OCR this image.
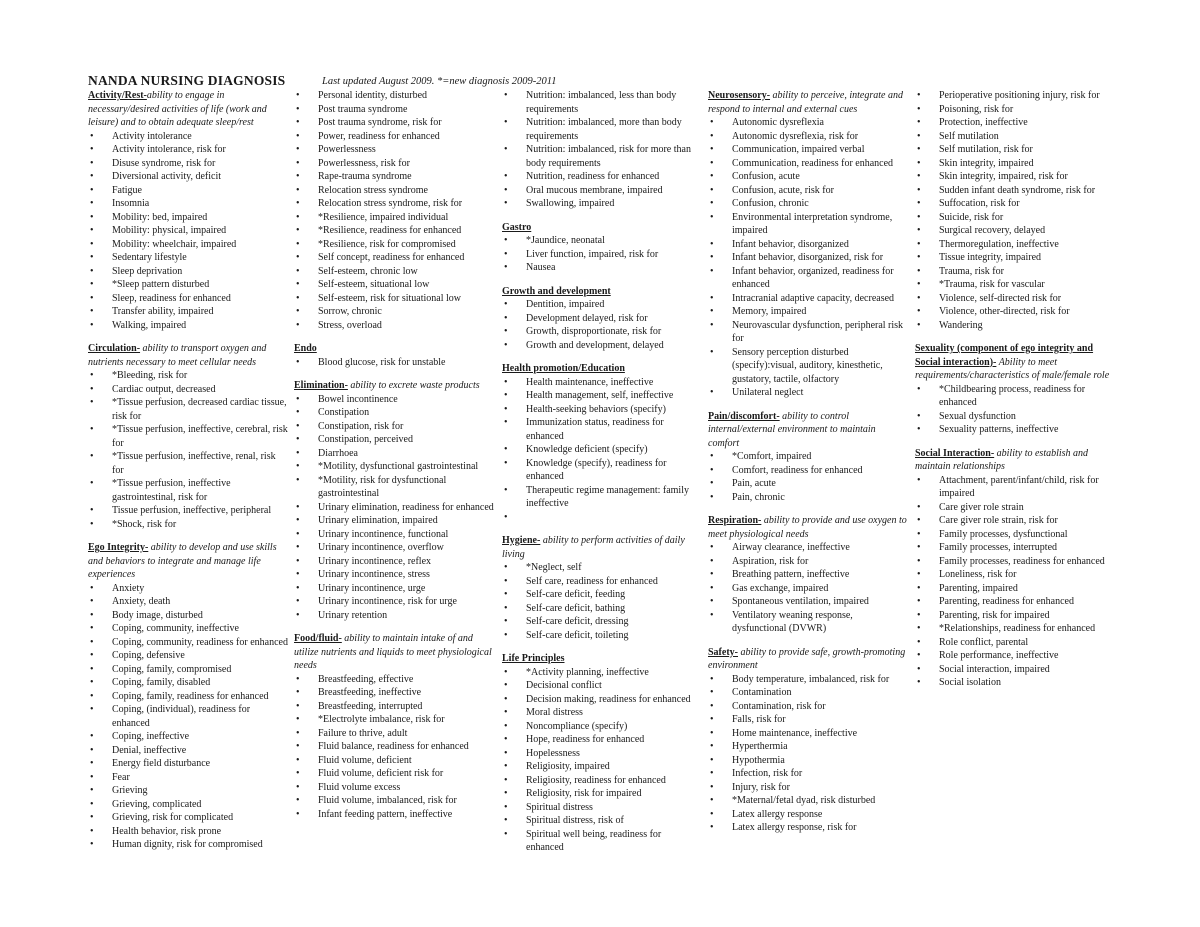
NANDA NURSING DIAGNOSIS	Last updated August 2009. *=new diagnosis 2009-2011
Activity/Rest-ability to engage in necessary/desired activities of life (work and leisure) and to obtain adequate sleep/rest
• Activity intolerance
• Activity intolerance, risk for
• Disuse syndrome, risk for
• Diversional activity, deficit
• Fatigue
• Insomnia
• Mobility: bed, impaired
• Mobility: physical, impaired
• Mobility: wheelchair, impaired
• Sedentary lifestyle
• Sleep deprivation
• *Sleep pattern disturbed
• Sleep, readiness for enhanced
• Transfer ability, impaired
• Walking, impaired
Circulation- ability to transport oxygen and nutrients necessary to meet cellular needs
• *Bleeding, risk for
• Cardiac output, decreased
• *Tissue perfusion, decreased cardiac tissue, risk for
• *Tissue perfusion, ineffective, cerebral, risk for
• *Tissue perfusion, ineffective, renal, risk for
• *Tissue perfusion, ineffective gastrointestinal, risk for
• Tissue perfusion, ineffective, peripheral
• *Shock, risk for
Ego Integrity- ability to develop and use skills and behaviors to integrate and manage life experiences
• Anxiety
• Anxiety, death
• Body image, disturbed
• Coping, community, ineffective
• Coping, community, readiness for enhanced
• Coping, defensive
• Coping, family, compromised
• Coping, family, disabled
• Coping, family, readiness for enhanced
• Coping, (individual), readiness for enhanced
• Coping, ineffective
• Denial, ineffective
• Energy field disturbance
• Fear
• Grieving
• Grieving, complicated
• Grieving, risk for complicated
• Health behavior, risk prone
• Human dignity, risk for compromised
• Personal identity, disturbed
• Post trauma syndrome
• Post trauma syndrome, risk for
• Power, readiness for enhanced
• Powerlessness
• Powerlessness, risk for
• Rape-trauma syndrome
• Relocation stress syndrome
• Relocation stress syndrome, risk for
• *Resilience, impaired individual
• *Resilience, readiness for enhanced
• *Resilience, risk for compromised
• Self concept, readiness for enhanced
• Self-esteem, chronic low
• Self-esteem, situational low
• Self-esteem, risk for situational low
• Sorrow, chronic
• Stress, overload
Endo
• Blood glucose, risk for unstable
Elimination- ability to excrete waste products
• Bowel incontinence
• Constipation
• Constipation, risk for
• Constipation, perceived
• Diarrhoea
• *Motility, dysfunctional gastrointestinal
• *Motility, risk for dysfunctional gastrointestinal
• Urinary elimination, readiness for enhanced
• Urinary elimination, impaired
• Urinary incontinence, functional
• Urinary incontinence, overflow
• Urinary incontinence, reflex
• Urinary incontinence, stress
• Urinary incontinence, urge
• Urinary incontinence, risk for urge
• Urinary retention
Food/fluid- ability to maintain intake of and utilize nutrients and liquids to meet physiological needs
• Breastfeeding, effective
• Breastfeeding, ineffective
• Breastfeeding, interrupted
• *Electrolyte imbalance, risk for
• Failure to thrive, adult
• Fluid balance, readiness for enhanced
• Fluid volume, deficient
• Fluid volume, deficient risk for
• Fluid volume excess
• Fluid volume, imbalanced, risk for
• Infant feeding pattern, ineffective
• Nutrition: imbalanced, less than body requirements
• Nutrition: imbalanced, more than body requirements
• Nutrition: imbalanced, risk for more than body requirements
• Nutrition, readiness for enhanced
• Oral mucous membrane, impaired
• Swallowing, impaired
Gastro
• *Jaundice, neonatal
• Liver function, impaired, risk for
• Nausea
Growth and development
• Dentition, impaired
• Development delayed, risk for
• Growth, disproportionate, risk for
• Growth and development, delayed
Health promotion/Education
• Health maintenance, ineffective
• Health management, self, ineffective
• Health-seeking behaviors (specify)
• Immunization status, readiness for enhanced
• Knowledge deficient (specify)
• Knowledge (specify), readiness for enhanced
• Therapeutic regime management: family ineffective
•
Hygiene- ability to perform activities of daily living
• *Neglect, self
• Self care, readiness for enhanced
• Self-care deficit, feeding
• Self-care deficit, bathing
• Self-care deficit, dressing
• Self-care deficit, toileting
Life Principles
• *Activity planning, ineffective
• Decisional conflict
• Decision making, readiness for enhanced
• Moral distress
• Noncompliance (specify)
• Hope, readiness for enhanced
• Hopelessness
• Religiosity, impaired
• Religiosity, readiness for enhanced
• Religiosity, risk for impaired
• Spiritual distress
• Spiritual distress, risk of
• Spiritual well being, readiness for enhanced
Neurosensory- ability to perceive, integrate and respond to internal and external cues
• Autonomic dysreflexia
• Autonomic dysreflexia, risk for
• Communication, impaired verbal
• Communication, readiness for enhanced
• Confusion, acute
• Confusion, acute, risk for
• Confusion, chronic
• Environmental interpretation syndrome, impaired
• Infant behavior, disorganized
• Infant behavior, disorganized, risk for
• Infant behavior, organized, readiness for enhanced
• Intracranial adaptive capacity, decreased
• Memory, impaired
• Neurovascular dysfunction, peripheral risk for
• Sensory perception disturbed (specify):visual, auditory, kinesthetic, gustatory, tactile, olfactory
• Unilateral neglect
Pain/discomfort- ability to control internal/external environment to maintain comfort
• *Comfort, impaired
• Comfort, readiness for enhanced
• Pain, acute
• Pain, chronic
Respiration- ability to provide and use oxygen to meet physiological needs
• Airway clearance, ineffective
• Aspiration, risk for
• Breathing pattern, ineffective
• Gas exchange, impaired
• Spontaneous ventilation, impaired
• Ventilatory weaning response, dysfunctional (DVWR)
Safety- ability to provide safe, growth-promoting environment
• Body temperature, imbalanced, risk for
• Contamination
• Contamination, risk for
• Falls, risk for
• Home maintenance, ineffective
• Hyperthermia
• Hypothermia
• Infection, risk for
• Injury, risk for
• *Maternal/fetal dyad, risk disturbed
• Latex allergy response
• Latex allergy response, risk for
• Perioperative positioning injury, risk for
• Poisoning, risk for
• Protection, ineffective
• Self mutilation
• Self mutilation, risk for
• Skin integrity, impaired
• Skin integrity, impaired, risk for
• Sudden infant death syndrome, risk for
• Suffocation, risk for
• Suicide, risk for
• Surgical recovery, delayed
• Thermoregulation, ineffective
• Tissue integrity, impaired
• Trauma, risk for
• *Trauma, risk for vascular
• Violence, self-directed risk for
• Violence, other-directed, risk for
• Wandering
Sexuality (component of ego integrity and Social interaction)- Ability to meet requirements/characteristics of male/female role
• *Childbearing process, readiness for enhanced
• Sexual dysfunction
• Sexuality patterns, ineffective
Social Interaction- ability to establish and maintain relationships
• Attachment, parent/infant/child, risk for impaired
• Care giver role strain
• Care giver role strain, risk for
• Family processes, dysfunctional
• Family processes, interrupted
• Family processes, readiness for enhanced
• Loneliness, risk for
• Parenting, impaired
• Parenting, readiness for enhanced
• Parenting, risk for impaired
• *Relationships, readiness for enhanced
• Role conflict, parental
• Role performance, ineffective
• Social interaction, impaired
• Social isolation
